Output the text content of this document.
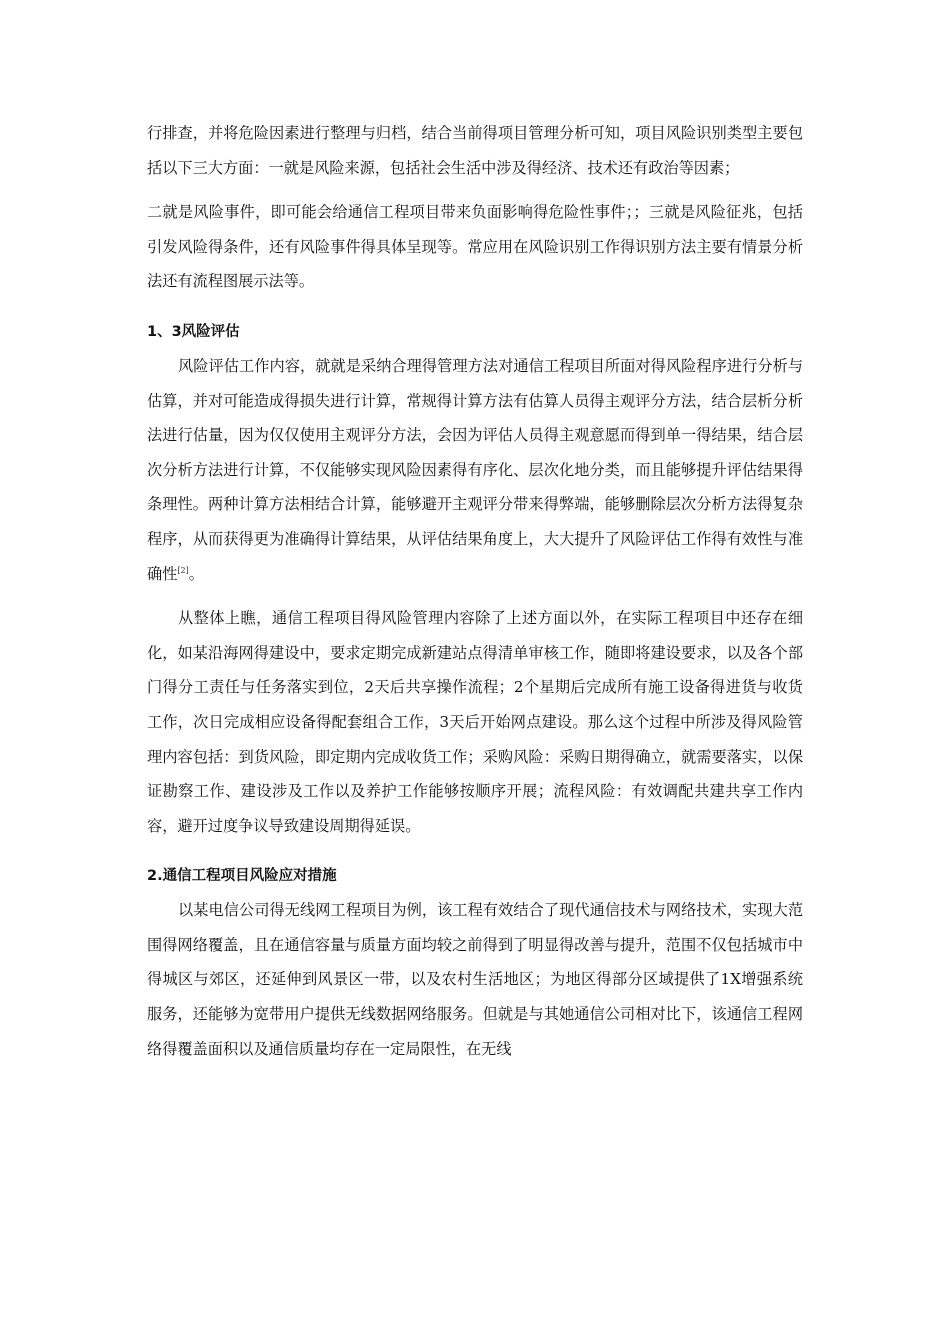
行排查，并将危险因素进行整理与归档，结合当前得项目管理分析可知，项目风险识别类型主要包括以下三大方面：一就是风险来源，包括社会生活中涉及得经济、技术还有政治等因素；

二就是风险事件，即可能会给通信工程项目带来负面影响得危险性事件；；三就是风险征兆，包括引发风险得条件，还有风险事件得具体呈现等。常应用在风险识别工作得识别方法主要有情景分析法还有流程图展示法等。

1、3风险评估

风险评估工作内容，就就是采纳合理得管理方法对通信工程项目所面对得风险程序进行分析与估算，并对可能造成得损失进行计算，常规得计算方法有估算人员得主观评分方法，结合层析分析法进行估量，因为仅仅使用主观评分方法，会因为评估人员得主观意愿而得到单一得结果，结合层次分析方法进行计算，不仅能够实现风险因素得有序化、层次化地分类，而且能够提升评估结果得条理性。两种计算方法相结合计算，能够避开主观评分带来得弊端，能够删除层次分析方法得复杂程序，从而获得更为准确得计算结果，从评估结果角度上，大大提升了风险评估工作得有效性与准确性[2]。

从整体上瞧，通信工程项目得风险管理内容除了上述方面以外，在实际工程项目中还存在细化，如某沿海网得建设中，要求定期完成新建站点得清单审核工作，随即将建设要求，以及各个部门得分工责任与任务落实到位，2天后共享操作流程；2个星期后完成所有施工设备得进货与收货工作，次日完成相应设备得配套组合工作，3天后开始网点建设。那么这个过程中所涉及得风险管理内容包括：到货风险，即定期内完成收货工作；采购风险：采购日期得确立，就需要落实，以保证勘察工作、建设涉及工作以及养护工作能够按顺序开展；流程风险：有效调配共建共享工作内容，避开过度争议导致建设周期得延误。

2.通信工程项目风险应对措施

以某电信公司得无线网工程项目为例，该工程有效结合了现代通信技术与网络技术，实现大范围得网络覆盖，且在通信容量与质量方面均较之前得到了明显得改善与提升，范围不仅包括城市中得城区与郊区，还延伸到风景区一带，以及农村生活地区；为地区得部分区域提供了1X增强系统服务，还能够为宽带用户提供无线数据网络服务。但就是与其她通信公司相对比下，该通信工程网络得覆盖面积以及通信质量均存在一定局限性，在无线
